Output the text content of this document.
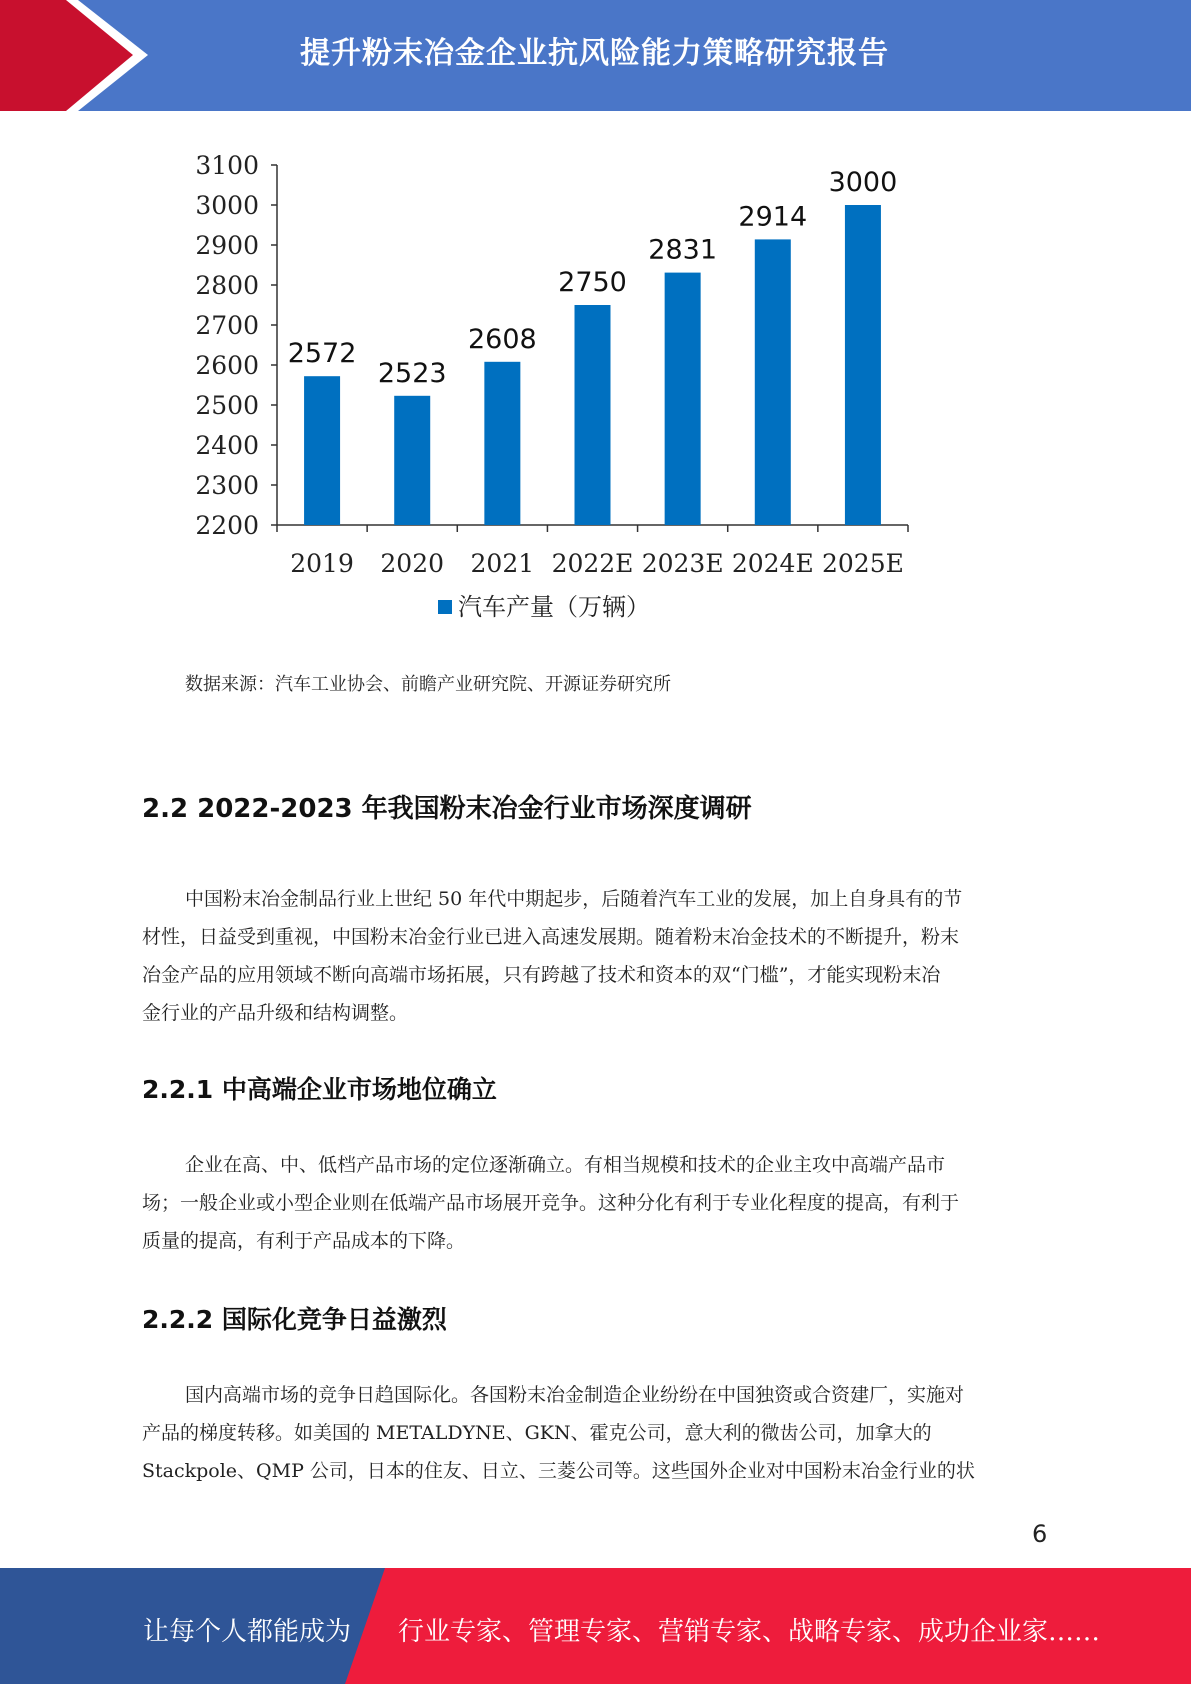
提升粉末冶金企业抗风险能力策略研究报告
2200
2300
2400
2500
2600
2700
2800
2900
3000
3100
2572
2019
2523
2020
2608
2021
2750
2022E
2831
2023E
2914
2024E
3000
2025E
汽车产量（万辆）
数据来源：汽车工业协会、前瞻产业研究院、开源证券研究所
2.2 2022-2023 年我国粉末冶金行业市场深度调研
中国粉末冶金制品行业上世纪 50 年代中期起步，后随着汽车工业的发展，加上自身具有的节
材性，日益受到重视，中国粉末冶金行业已进入高速发展期。随着粉末冶金技术的不断提升，粉末
冶金产品的应用领域不断向高端市场拓展，只有跨越了技术和资本的双“门槛”，才能实现粉末冶
金行业的产品升级和结构调整。
2.2.1 中高端企业市场地位确立
企业在高、中、低档产品市场的定位逐渐确立。有相当规模和技术的企业主攻中高端产品市
场；一般企业或小型企业则在低端产品市场展开竞争。这种分化有利于专业化程度的提高，有利于
质量的提高，有利于产品成本的下降。
2.2.2 国际化竞争日益激烈
国内高端市场的竞争日趋国际化。各国粉末冶金制造企业纷纷在中国独资或合资建厂，实施对
产品的梯度转移。如美国的 METALDYNE、GKN、霍克公司，意大利的微齿公司，加拿大的
Stackpole、QMP 公司，日本的住友、日立、三菱公司等。这些国外企业对中国粉末冶金行业的状
6
让每个人都能成为 行业专家、管理专家、营销专家、战略专家、成功企业家……
